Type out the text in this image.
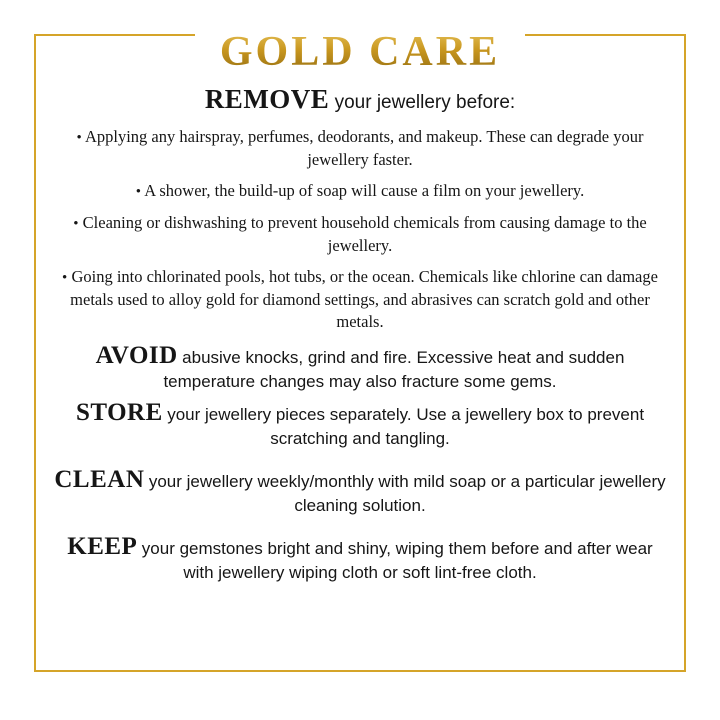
GOLD CARE
REMOVE your jewellery before:
• Applying any hairspray, perfumes, deodorants, and makeup. These can degrade your jewellery faster.
• A shower, the build-up of soap will cause a film on your jewellery.
• Cleaning or dishwashing to prevent household chemicals from causing damage to the jewellery.
• Going into chlorinated pools, hot tubs, or the ocean. Chemicals like chlorine can damage metals used to alloy gold for diamond settings, and abrasives can scratch gold and other metals.
AVOID abusive knocks, grind and fire. Excessive heat and sudden temperature changes may also fracture some gems.
STORE your jewellery pieces separately. Use a jewellery box to prevent scratching and tangling.
CLEAN your jewellery weekly/monthly with mild soap or a particular jewellery cleaning solution.
KEEP your gemstones bright and shiny, wiping them before and after wear with jewellery wiping cloth or soft lint-free cloth.
